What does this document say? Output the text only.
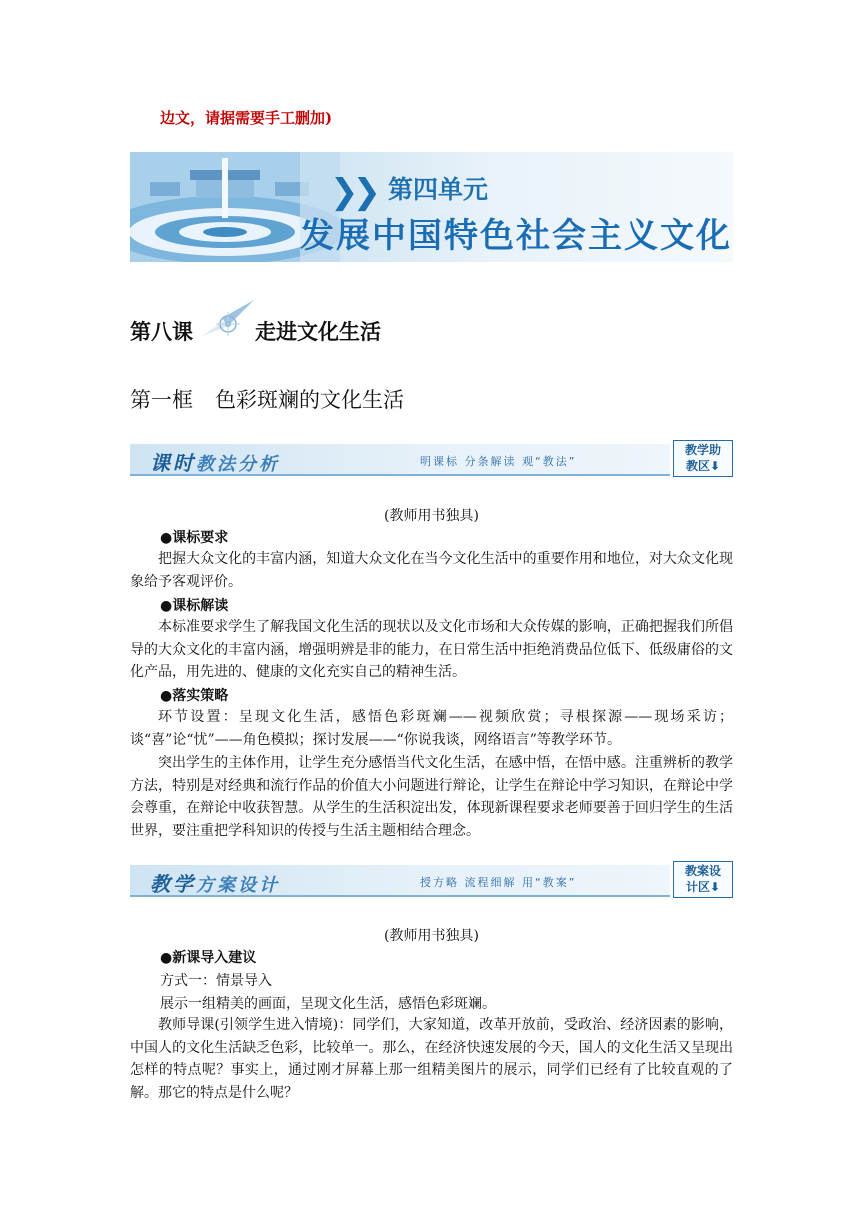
边文，请据需要手工删加)
❯❯ 第四单元
发展中国特色社会主义文化
第八课	走进文化生活
第一框 色彩斑斓的文化生活
课时教法分析	明课标 分条解读 观“教法”
教学助
教区⬇
(教师用书独具)
●课标要求

把握大众文化的丰富内涵，知道大众文化在当今文化生活中的重要作用和地位，对大众文化现象给予客观评价。

●课标解读

本标准要求学生了解我国文化生活的现状以及文化市场和大众传媒的影响，正确把握我们所倡导的大众文化的丰富内涵，增强明辨是非的能力，在日常生活中拒绝消费品位低下、低级庸俗的文化产品，用先进的、健康的文化充实自己的精神生活。

●落实策略

环节设置：呈现文化生活，感悟色彩斑斓——视频欣赏；寻根探源——现场采访；谈“喜”论“忧”——角色模拟；探讨发展——“你说我谈，网络语言”等教学环节。

突出学生的主体作用，让学生充分感悟当代文化生活，在感中悟，在悟中感。注重辨析的教学方法，特别是对经典和流行作品的价值大小问题进行辩论，让学生在辩论中学习知识，在辩论中学会尊重，在辩论中收获智慧。从学生的生活积淀出发，体现新课程要求老师要善于回归学生的生活世界，要注重把学科知识的传授与生活主题相结合理念。

教学方案设计	授方略 流程细解 用“教案”
教案设
计区⬇
(教师用书独具)
●新课导入建议
方式一：情景导入
展示一组精美的画面，呈现文化生活，感悟色彩斑斓。

教师导课(引领学生进入情境)：同学们，大家知道，改革开放前，受政治、经济因素的影响，中国人的文化生活缺乏色彩，比较单一。那么，在经济快速发展的今天，国人的文化生活又呈现出怎样的特点呢？事实上，通过刚才屏幕上那一组精美图片的展示，同学们已经有了比较直观的了解。那它的特点是什么呢？
